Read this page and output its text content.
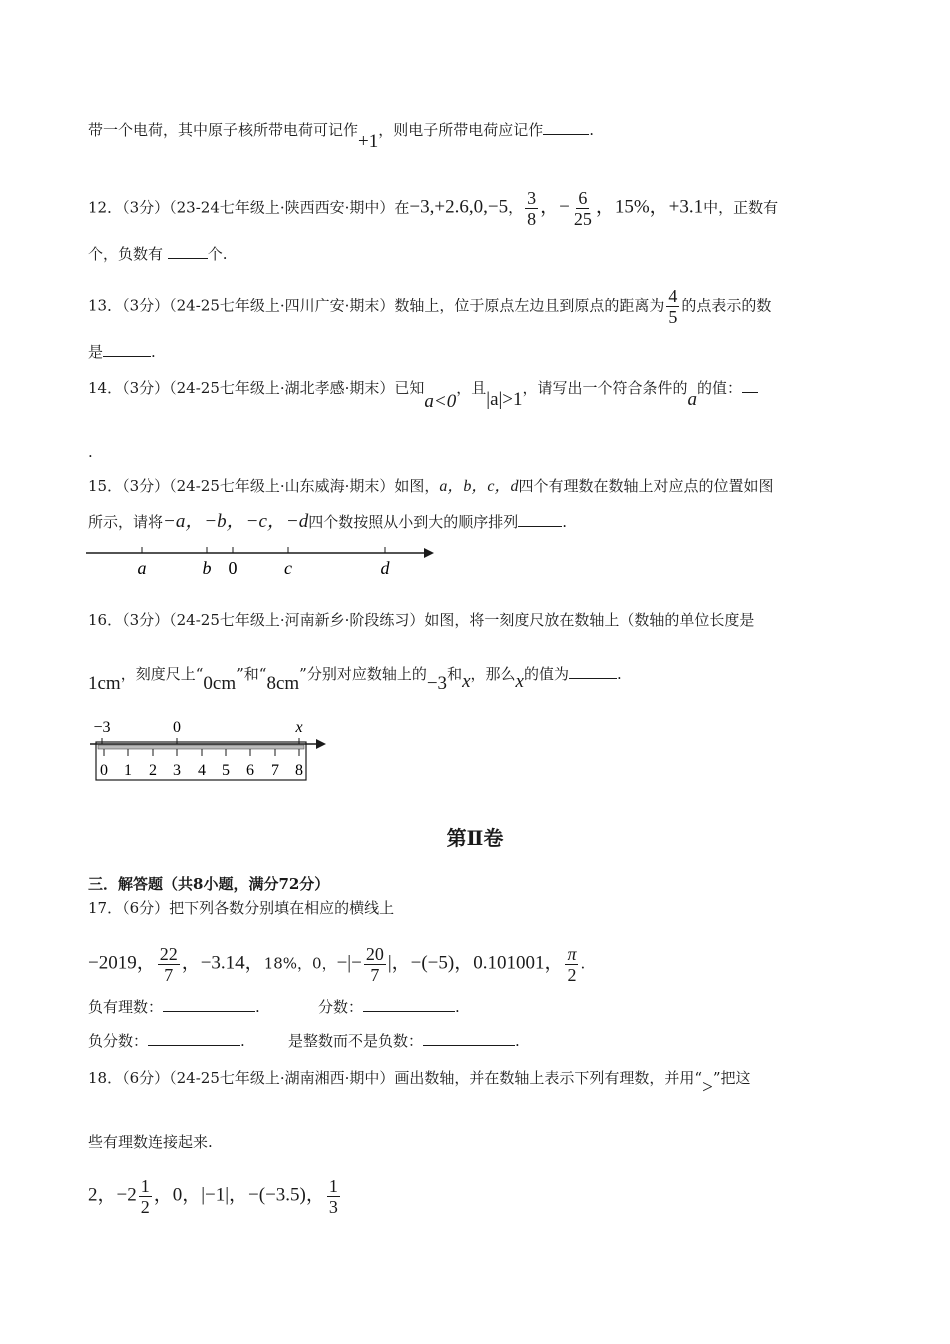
带一个电荷，其中原子核所带电荷可记作+1，则电子所带电荷应记作	.
12．（3分）（23-24七年级上·陕西西安·期中）在−3,+2.6,0,−5， $\frac{3}{8}$ ，− $\frac{6}{25}$ ，15%，+3.1中，正数有
个，负数有	个.
13．（3分）（24-25七年级上·四川广安·期末）数轴上，位于原点左边且到原点的距离为 $\frac{4}{5}$ 的点表示的数
是	.
14．（3分）（24-25七年级上·湖北孝感·期末）已知a<0，且|a|>1，请写出一个符合条件的a的值：
.
15．（3分）（24-25七年级上·山东威海·期末）如图，a，b，c，d四个有理数在数轴上对应点的位置如图
所示，请将−a，−b，−c，−d四个数按照从小到大的顺序排列	.
a	b 0	c	d
16．（3分）（24-25七年级上·河南新乡·阶段练习）如图，将一刻度尺放在数轴上（数轴的单位长度是
1cm，刻度尺上“0cm”和“8cm”分别对应数轴上的−3和x，那么x的值为	.
−3	0	x
0 1 2 3 4 5 6 7 8
第Ⅱ卷
三．解答题（共8小题，满分72分）
17．（6分）把下列各数分别填在相应的横线上
−2019， $\frac{22}{7}$ ，−3.14，18%，0，−|− $\frac{20}{7}$ |，−(−5)，0.101001， $\frac{\pi}{2}$ .
负有理数：	.	分数：	.
负分数：	.	是整数而不是负数：	.
18．（6分）（24-25七年级上·湖南湘西·期中）画出数轴，并在数轴上表示下列有理数，并用“>”把这
些有理数连接起来.
2，$-2 \frac{1}{2}$ ，0，|−1|，−(−3.5)， $\frac{1}{3}$
